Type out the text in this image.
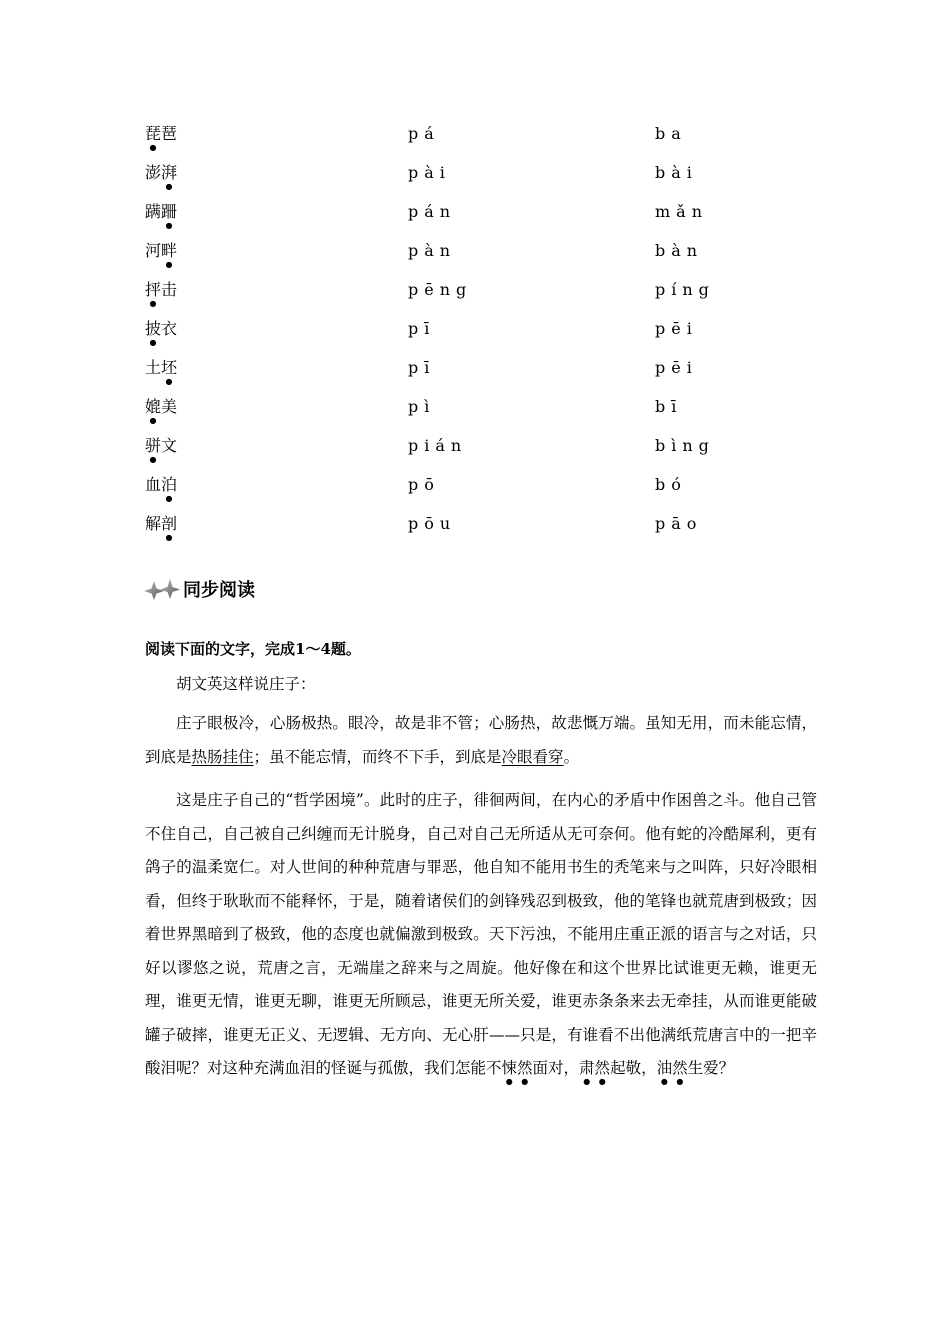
琵琶	pá	ba
澎湃	pài	bài
蹒跚	pán	mǎn
河畔	pàn	bàn
抨击	pēng	píng
披衣	pī	pēi
土坯	pī	pēi
媲美	pì	bī
骈文	pián	bìng
血泊	pō	bó
解剖	pōu	pāo
同步阅读
阅读下面的文字，完成1～4题。

胡文英这样说庄子：

庄子眼极冷，心肠极热。眼冷，故是非不管；心肠热，故悲慨万端。虽知无用，而未能忘情，到底是热肠挂住；虽不能忘情，而终不下手，到底是冷眼看穿。

这是庄子自己的“哲学困境”。此时的庄子，徘徊两间，在内心的矛盾中作困兽之斗。他自己管不住自己，自己被自己纠缠而无计脱身，自己对自己无所适从无可奈何。他有蛇的冷酷犀利，更有鸽子的温柔宽仁。对人世间的种种荒唐与罪恶，他自知不能用书生的秃笔来与之叫阵，只好冷眼相看，但终于耿耿而不能释怀，于是，随着诸侯们的剑锋残忍到极致，他的笔锋也就荒唐到极致；因着世界黑暗到了极致，他的态度也就偏激到极致。天下污浊，不能用庄重正派的语言与之对话，只好以谬悠之说，荒唐之言，无端崖之辞来与之周旋。他好像在和这个世界比试谁更无赖，谁更无理，谁更无情，谁更无聊，谁更无所顾忌，谁更无所关爱，谁更赤条条来去无牵挂，从而谁更能破罐子破摔，谁更无正义、无逻辑、无方向、无心肝——只是，有谁看不出他满纸荒唐言中的一把辛酸泪呢？对这种充满血泪的怪诞与孤傲，我们怎能不悚然面对，肃然起敬，油然生爱？
